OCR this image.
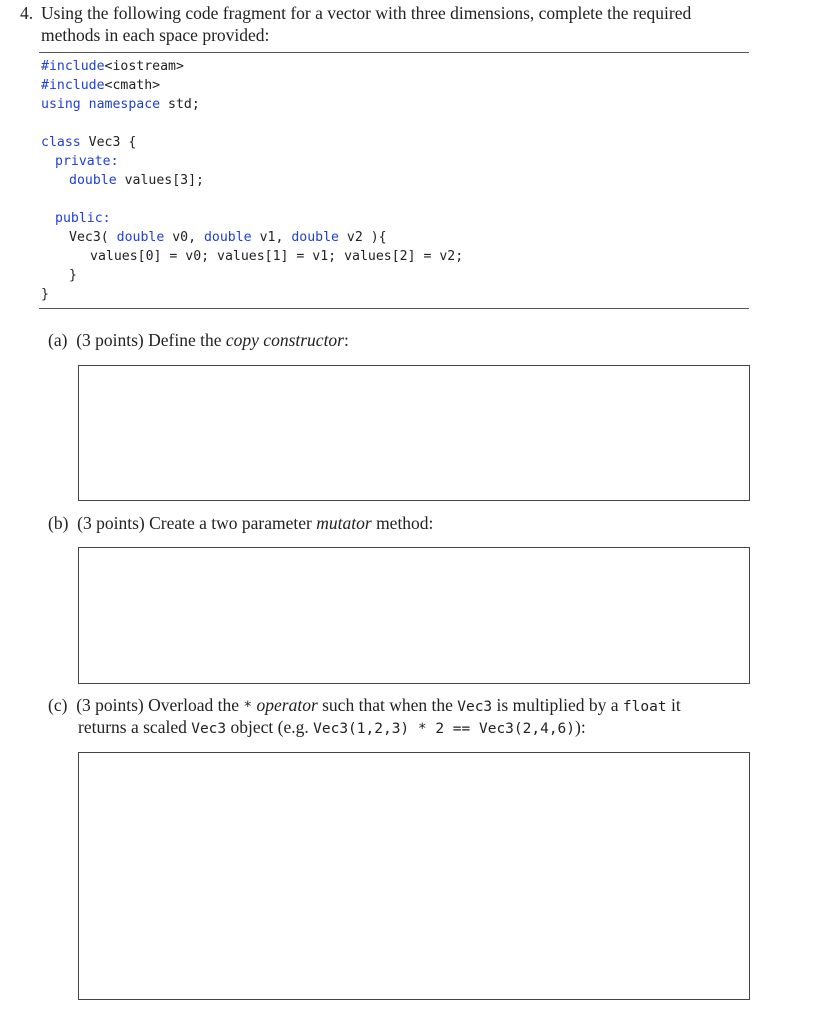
4. Using the following code fragment for a vector with three dimensions, complete the required
methods in each space provided:
#include<iostream>
#include<cmath>
using namespace std;
class Vec3 {
private:
double values[3];
public:
Vec3( double v0, double v1, double v2 ){
values[0] = v0; values[1] = v1; values[2] = v2;
}
}
(a) (3 points) Define the copy constructor:
(b) (3 points) Create a two parameter mutator method:
(c) (3 points) Overload the * operator such that when the Vec3 is multiplied by a float it
returns a scaled Vec3 object (e.g. Vec3(1,2,3) * 2 == Vec3(2,4,6)):
